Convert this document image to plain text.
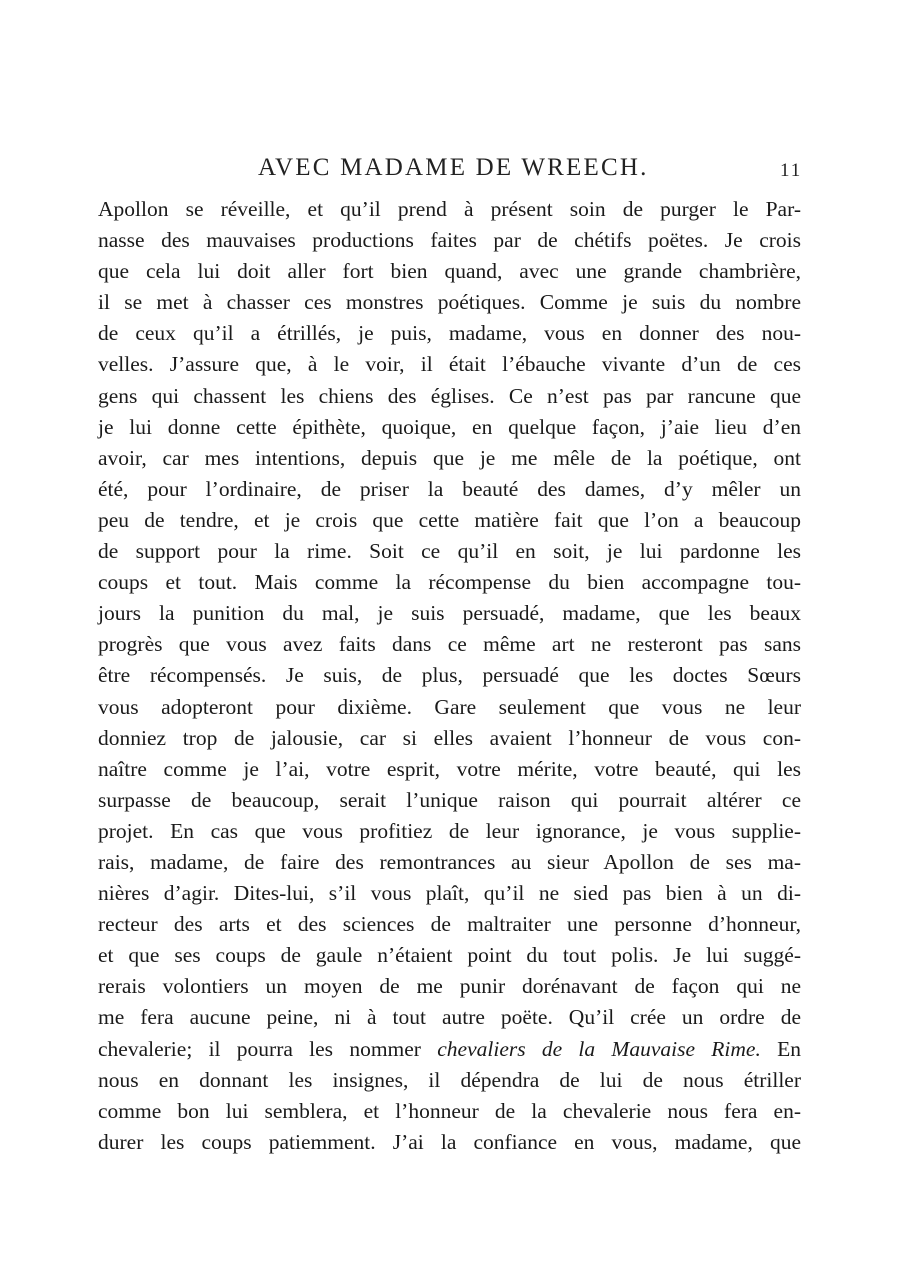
AVEC MADAME DE WREECH.	11
Apollon se réveille, et qu’il prend à présent soin de purger le Par-
nasse des mauvaises productions faites par de chétifs poëtes. Je crois
que cela lui doit aller fort bien quand, avec une grande chambrière,
il se met à chasser ces monstres poétiques. Comme je suis du nombre
de ceux qu’il a étrillés, je puis, madame, vous en donner des nou-
velles. J’assure que, à le voir, il était l’ébauche vivante d’un de ces
gens qui chassent les chiens des églises. Ce n’est pas par rancune que
je lui donne cette épithète, quoique, en quelque façon, j’aie lieu d’en
avoir, car mes intentions, depuis que je me mêle de la poétique, ont
été, pour l’ordinaire, de priser la beauté des dames, d’y mêler un
peu de tendre, et je crois que cette matière fait que l’on a beaucoup
de support pour la rime. Soit ce qu’il en soit, je lui pardonne les
coups et tout. Mais comme la récompense du bien accompagne tou-
jours la punition du mal, je suis persuadé, madame, que les beaux
progrès que vous avez faits dans ce même art ne resteront pas sans
être récompensés. Je suis, de plus, persuadé que les doctes Sœurs
vous adopteront pour dixième. Gare seulement que vous ne leur
donniez trop de jalousie, car si elles avaient l’honneur de vous con-
naître comme je l’ai, votre esprit, votre mérite, votre beauté, qui les
surpasse de beaucoup, serait l’unique raison qui pourrait altérer ce
projet. En cas que vous profitiez de leur ignorance, je vous supplie-
rais, madame, de faire des remontrances au sieur Apollon de ses ma-
nières d’agir. Dites-lui, s’il vous plaît, qu’il ne sied pas bien à un di-
recteur des arts et des sciences de maltraiter une personne d’honneur,
et que ses coups de gaule n’étaient point du tout polis. Je lui suggé-
rerais volontiers un moyen de me punir dorénavant de façon qui ne
me fera aucune peine, ni à tout autre poëte. Qu’il crée un ordre de
chevalerie; il pourra les nommer chevaliers de la Mauvaise Rime. En
nous en donnant les insignes, il dépendra de lui de nous étriller
comme bon lui semblera, et l’honneur de la chevalerie nous fera en-
durer les coups patiemment. J’ai la confiance en vous, madame, que
